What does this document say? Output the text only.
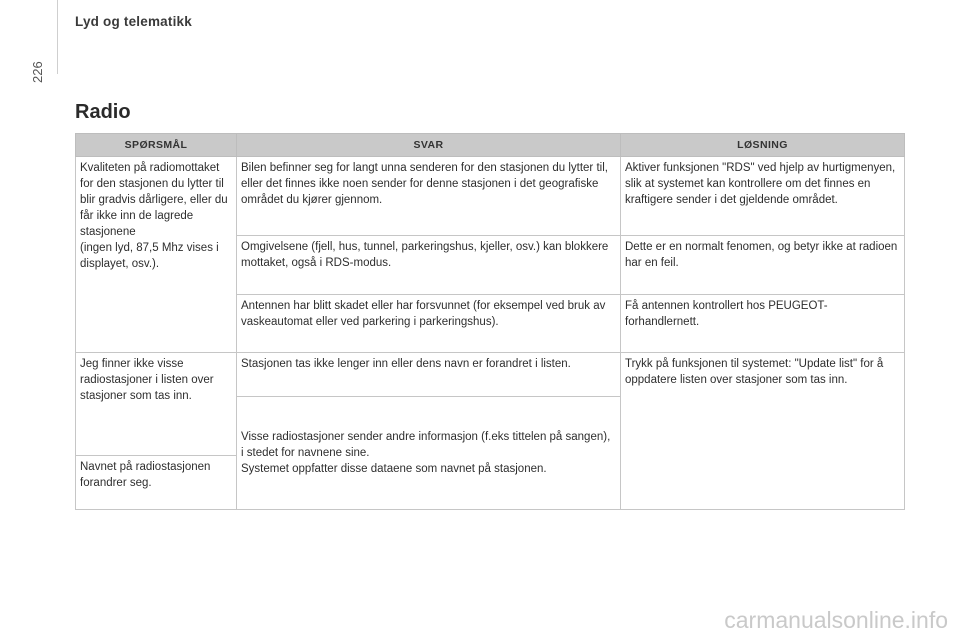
Lyd og telematikk
226
Radio
SPØRSMÅL	SVAR	LØSNING
Kvaliteten på radiomottaket for den stasjonen du lytter til blir gradvis dårligere, eller du får ikke inn de lagrede stasjonene
(ingen lyd, 87,5 Mhz vises i displayet, osv.).	Bilen befinner seg for langt unna senderen for den stasjonen du lytter til, eller det finnes ikke noen sender for denne stasjonen i det geografiske området du kjører gjennom.	Aktiver funksjonen "RDS" ved hjelp av hurtigmenyen, slik at systemet kan kontrollere om det finnes en kraftigere sender i det gjeldende området.
	Omgivelsene (fjell, hus, tunnel, parkeringshus, kjeller, osv.) kan blokkere mottaket, også i RDS-modus.	Dette er en normalt fenomen, og betyr ikke at radioen har en feil.
	Antennen har blitt skadet eller har forsvunnet (for eksempel ved bruk av vaskeautomat eller ved parkering i parkeringshus).	Få antennen kontrollert hos PEUGEOT-forhandlernett.
Jeg finner ikke visse radiostasjoner i listen over stasjoner som tas inn.	Stasjonen tas ikke lenger inn eller dens navn er forandret i listen.	Trykk på funksjonen til systemet: "Update list" for å oppdatere listen over stasjoner som tas inn.
	Visse radiostasjoner sender andre informasjon (f.eks tittelen på sangen), i stedet for navnene sine.
Systemet oppfatter disse dataene som navnet på stasjonen.	
Navnet på radiostasjonen forandrer seg.		
carmanualsonline.info
